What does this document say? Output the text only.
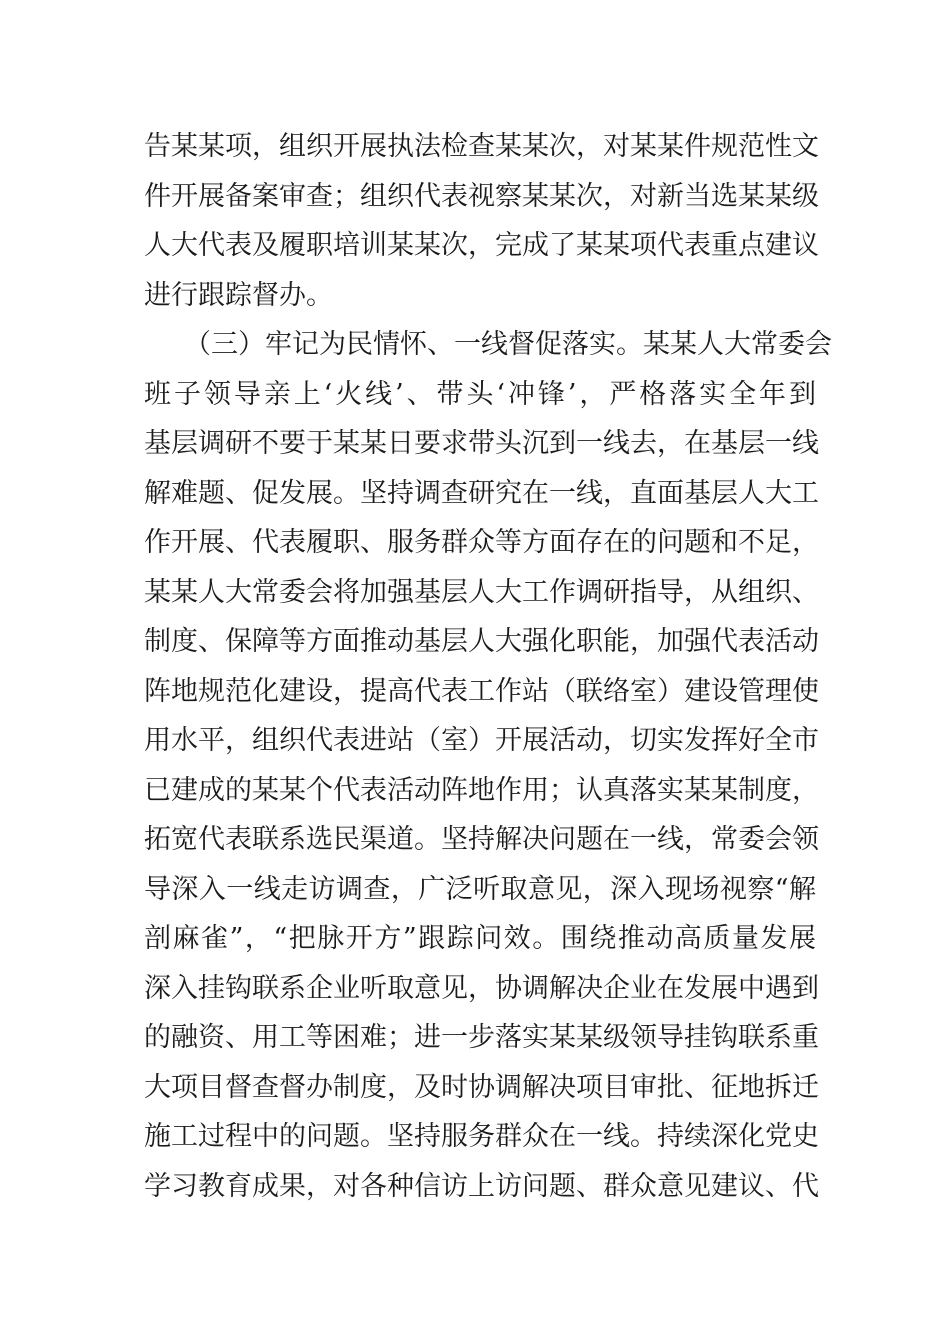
告某某项，组织开展执法检查某某次，对某某件规范性文
件开展备案审查；组织代表视察某某次，对新当选某某级
人大代表及履职培训某某次，完成了某某项代表重点建议
进行跟踪督办。
（三）牢记为民情怀、一线督促落实。某某人大常委会
班子领导亲上‘火线’、带头‘冲锋’，严格落实全年到
基层调研不要于某某日要求带头沉到一线去，在基层一线
解难题、促发展。坚持调查研究在一线，直面基层人大工
作开展、代表履职、服务群众等方面存在的问题和不足，
某某人大常委会将加强基层人大工作调研指导，从组织、
制度、保障等方面推动基层人大强化职能，加强代表活动
阵地规范化建设，提高代表工作站（联络室）建设管理使
用水平，组织代表进站（室）开展活动，切实发挥好全市
已建成的某某个代表活动阵地作用；认真落实某某制度，
拓宽代表联系选民渠道。坚持解决问题在一线，常委会领
导深入一线走访调查，广泛听取意见，深入现场视察“解
剖麻雀”，“把脉开方”跟踪问效。围绕推动高质量发展
深入挂钩联系企业听取意见，协调解决企业在发展中遇到
的融资、用工等困难；进一步落实某某级领导挂钩联系重
大项目督查督办制度，及时协调解决项目审批、征地拆迁
施工过程中的问题。坚持服务群众在一线。持续深化党史
学习教育成果，对各种信访上访问题、群众意见建议、代
